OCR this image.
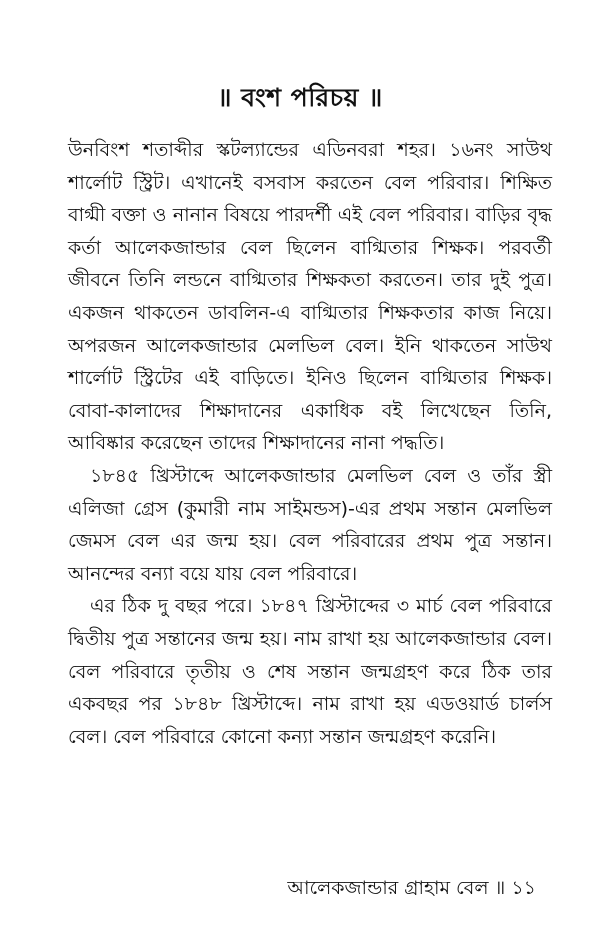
॥ বংশ পরিচয় ॥

উনবিংশ শতাব্দীর স্কটল্যান্ডের এডিনবরা শহর। ১৬নং সাউথ শার্লোট স্ট্রিট। এখানেই বসবাস করতেন বেল পরিবার। শিক্ষিত বাগ্মী বক্তা ও নানান বিষয়ে পারদর্শী এই বেল পরিবার। বাড়ির বৃদ্ধ কর্তা আলেকজান্ডার বেল ছিলেন বাগ্মিতার শিক্ষক। পরবর্তী জীবনে তিনি লন্ডনে বাগ্মিতার শিক্ষকতা করতেন। তার দুই পুত্র। একজন থাকতেন ডাবলিন-এ বাগ্মিতার শিক্ষকতার কাজ নিয়ে। অপরজন আলেকজান্ডার মেলভিল বেল। ইনি থাকতেন সাউথ শার্লোট স্ট্রিটের এই বাড়িতে। ইনিও ছিলেন বাগ্মিতার শিক্ষক। বোবা-কালাদের শিক্ষাদানের একাধিক বই লিখেছেন তিনি, আবিষ্কার করেছেন তাদের শিক্ষাদানের নানা পদ্ধতি।

১৮৪৫ খ্রিস্টাব্দে আলেকজান্ডার মেলভিল বেল ও তাঁর স্ত্রী এলিজা গ্রেস (কুমারী নাম সাইমন্ডস)-এর প্রথম সন্তান মেলভিল জেমস বেল এর জন্ম হয়। বেল পরিবারের প্রথম পুত্র সন্তান। আনন্দের বন্যা বয়ে যায় বেল পরিবারে।

এর ঠিক দু বছর পরে। ১৮৪৭ খ্রিস্টাব্দের ৩ মার্চ বেল পরিবারে দ্বিতীয় পুত্র সন্তানের জন্ম হয়। নাম রাখা হয় আলেকজান্ডার বেল। বেল পরিবারে তৃতীয় ও শেষ সন্তান জন্মগ্রহণ করে ঠিক তার একবছর পর ১৮৪৮ খ্রিস্টাব্দে। নাম রাখা হয় এডওয়ার্ড চার্লস বেল। বেল পরিবারে কোনো কন্যা সন্তান জন্মগ্রহণ করেনি।

আলেকজান্ডার গ্রাহাম বেল ॥ ১১
